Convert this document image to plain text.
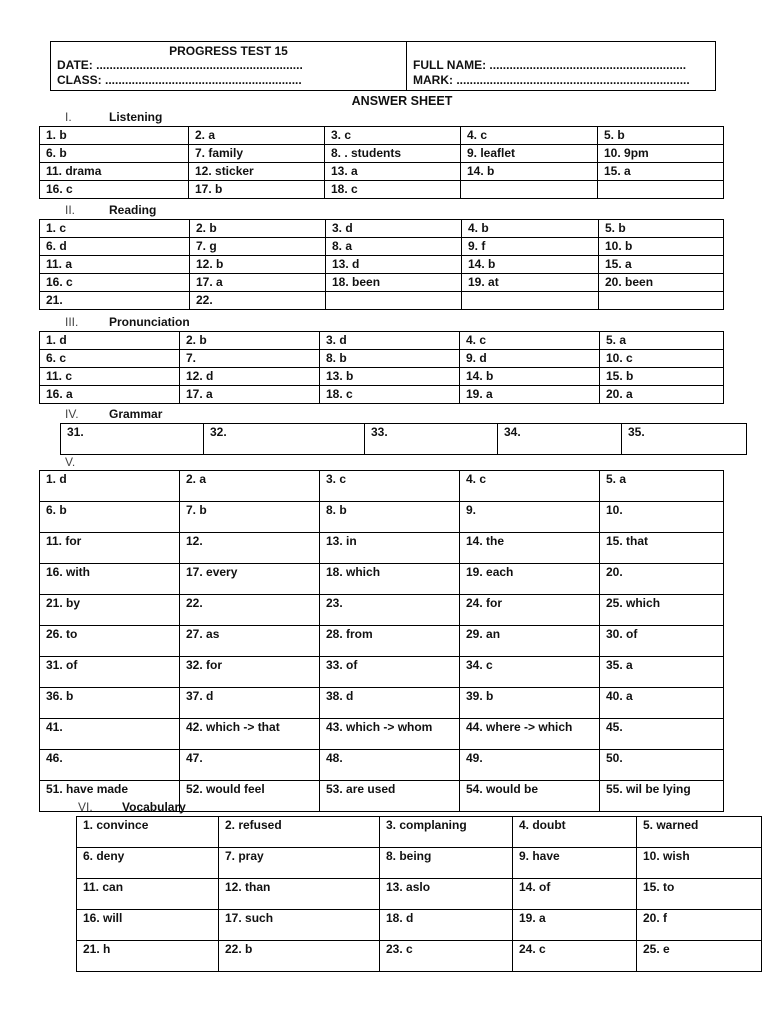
PROGRESS TEST 15
DATE: ..............................................................
CLASS: ...........................................................
FULL NAME: ...........................................................
MARK: ......................................................................
ANSWER SHEET
I.	Listening
1. b	2. a	3. c	4. c	5. b
6. b	7. family	8. . students	9. leaflet	10. 9pm
11. drama	12. sticker	13. a	14. b	15. a
16. c	17. b	18. c		
II.	Reading
1. c	2. b	3. d	4. b	5. b
6. d	7. g	8. a	9. f	10. b
11. a	12. b	13. d	14. b	15. a
16. c	17. a	18. been	19. at	20. been
21.	22.			
III.	Pronunciation
1. d	2. b	3. d	4. c	5. a
6. c	7.	8. b	9. d	10. c
11. c	12. d	13. b	14. b	15. b
16. a	17. a	18. c	19. a	20. a
IV.	Grammar
31.	32.	33.	34.	35.
V.
1. d	2. a	3. c	4. c	5. a
6. b	7. b	8. b	9.	10.
11. for	12.	13. in	14. the	15. that
16. with	17. every	18. which	19. each	20.
21. by	22.	23.	24. for	25. which
26. to	27. as	28. from	29. an	30. of
31. of	32. for	33. of	34. c	35. a
36. b	37. d	38. d	39. b	40. a
41.	42. which -> that	43. which -> whom	44. where -> which	45.
46.	47.	48.	49.	50.
51. have made	52. would feel	53. are used	54. would be	55. wil be lying
VI. Vocabulary
1. convince	2. refused	3. complaning	4. doubt	5. warned
6. deny	7. pray	8. being	9. have	10. wish
11. can	12. than	13. aslo	14. of	15. to
16. will	17. such	18. d	19. a	20. f
21. h	22. b	23. c	24. c	25. e
